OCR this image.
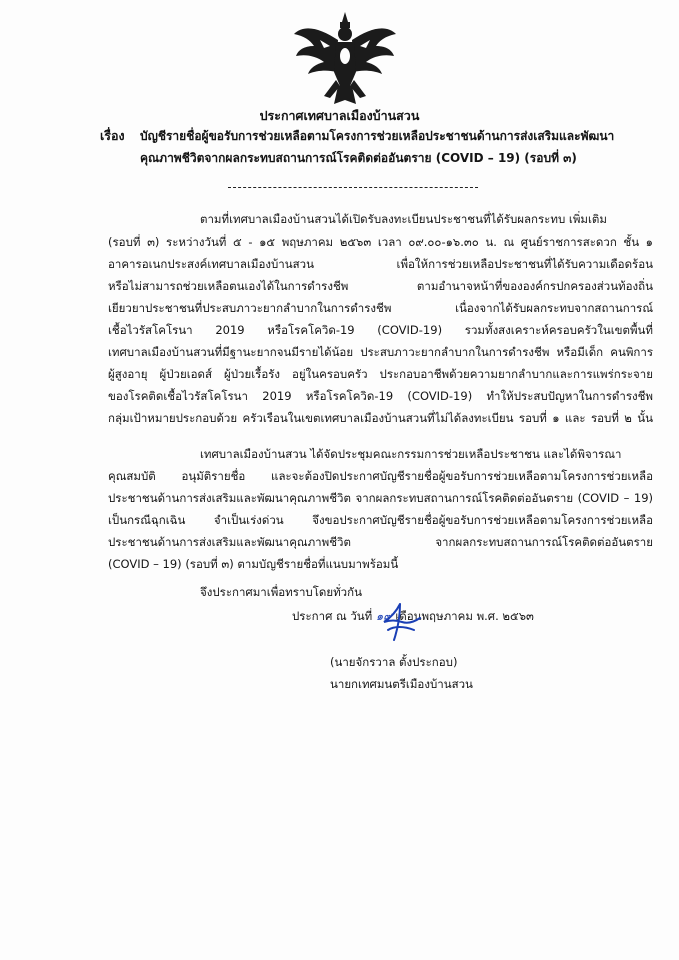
ประกาศเทศบาลเมืองบ้านสวน
เรื่อง บัญชีรายชื่อผู้ขอรับการช่วยเหลือตามโครงการช่วยเหลือประชาชนด้านการส่งเสริมและพัฒนา
คุณภาพชีวิตจากผลกระทบสถานการณ์โรคติดต่ออันตราย (COVID – 19) (รอบที่ ๓)
ตามที่เทศบาลเมืองบ้านสวนได้เปิดรับลงทะเบียนประชาชนที่ได้รับผลกระทบ เพิ่มเติม
(รอบที่ ๓) ระหว่างวันที่ ๕ - ๑๕ พฤษภาคม ๒๕๖๓ เวลา ๐๙.๐๐-๑๖.๓๐ น. ณ ศูนย์ราชการสะดวก ชั้น ๑
อาคารอเนกประสงค์เทศบาลเมืองบ้านสวน เพื่อให้การช่วยเหลือประชาชนที่ได้รับความเดือดร้อน
หรือไม่สามารถช่วยเหลือตนเองได้ในการดำรงชีพ ตามอำนาจหน้าที่ขององค์กรปกครองส่วนท้องถิ่น
เยียวยาประชาชนที่ประสบภาวะยากลำบากในการดำรงชีพ เนื่องจากได้รับผลกระทบจากสถานการณ์
เชื้อไวรัสโคโรนา 2019 หรือโรคโควิด-19 (COVID-19) รวมทั้งสงเคราะห์ครอบครัวในเขตพื้นที่
เทศบาลเมืองบ้านสวนที่มีฐานะยากจนมีรายได้น้อย ประสบภาวะยากลำบากในการดำรงชีพ หรือมีเด็ก คนพิการ
ผู้สูงอายุ ผู้ป่วยเอดส์ ผู้ป่วยเรื้อรัง อยู่ในครอบครัว ประกอบอาชีพด้วยความยากลำบากและการแพร่กระจาย
ของโรคติดเชื้อไวรัสโคโรนา 2019 หรือโรคโควิด-19 (COVID-19) ทำให้ประสบปัญหาในการดำรงชีพ
กลุ่มเป้าหมายประกอบด้วย ครัวเรือนในเขตเทศบาลเมืองบ้านสวนที่ไม่ได้ลงทะเบียน รอบที่ ๑ และ รอบที่ ๒ นั้น
เทศบาลเมืองบ้านสวน ได้จัดประชุมคณะกรรมการช่วยเหลือประชาชน และได้พิจารณา
คุณสมบัติ อนุมัติรายชื่อ และจะต้องปิดประกาศบัญชีรายชื่อผู้ขอรับการช่วยเหลือตามโครงการช่วยเหลือ
ประชาชนด้านการส่งเสริมและพัฒนาคุณภาพชีวิต จากผลกระทบสถานการณ์โรคติดต่ออันตราย (COVID – 19)
เป็นกรณีฉุกเฉิน จำเป็นเร่งด่วน จึงขอประกาศบัญชีรายชื่อผู้ขอรับการช่วยเหลือตามโครงการช่วยเหลือ
ประชาชนด้านการส่งเสริมและพัฒนาคุณภาพชีวิต จากผลกระทบสถานการณ์โรคติดต่ออันตราย
(COVID – 19) (รอบที่ ๓) ตามบัญชีรายชื่อที่แนบมาพร้อมนี้
จึงประกาศมาเพื่อทราบโดยทั่วกัน
ประกาศ ณ วันที่ ๑๙ เดือนพฤษภาคม พ.ศ. ๒๕๖๓
(นายจักรวาล ตั้งประกอบ)
นายกเทศมนตรีเมืองบ้านสวน
